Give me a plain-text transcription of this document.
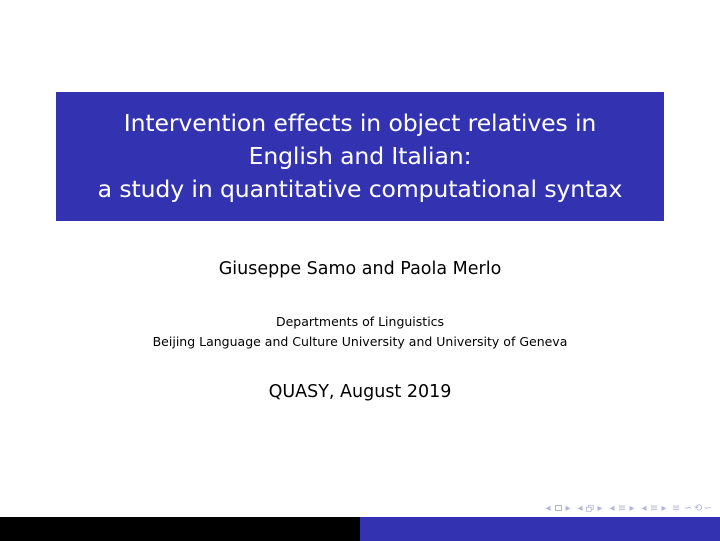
Intervention effects in object relatives in
English and Italian:
a study in quantitative computational syntax
Giuseppe Samo and Paola Merlo
Departments of Linguistics
Beijing Language and Culture University and University of Geneva
QUASY, August 2019
◂ ▸ ◂ ▸ ◂ ≡ ▸ ◂ ≡ ▸ ≡ ∽ ⟲ ∽
